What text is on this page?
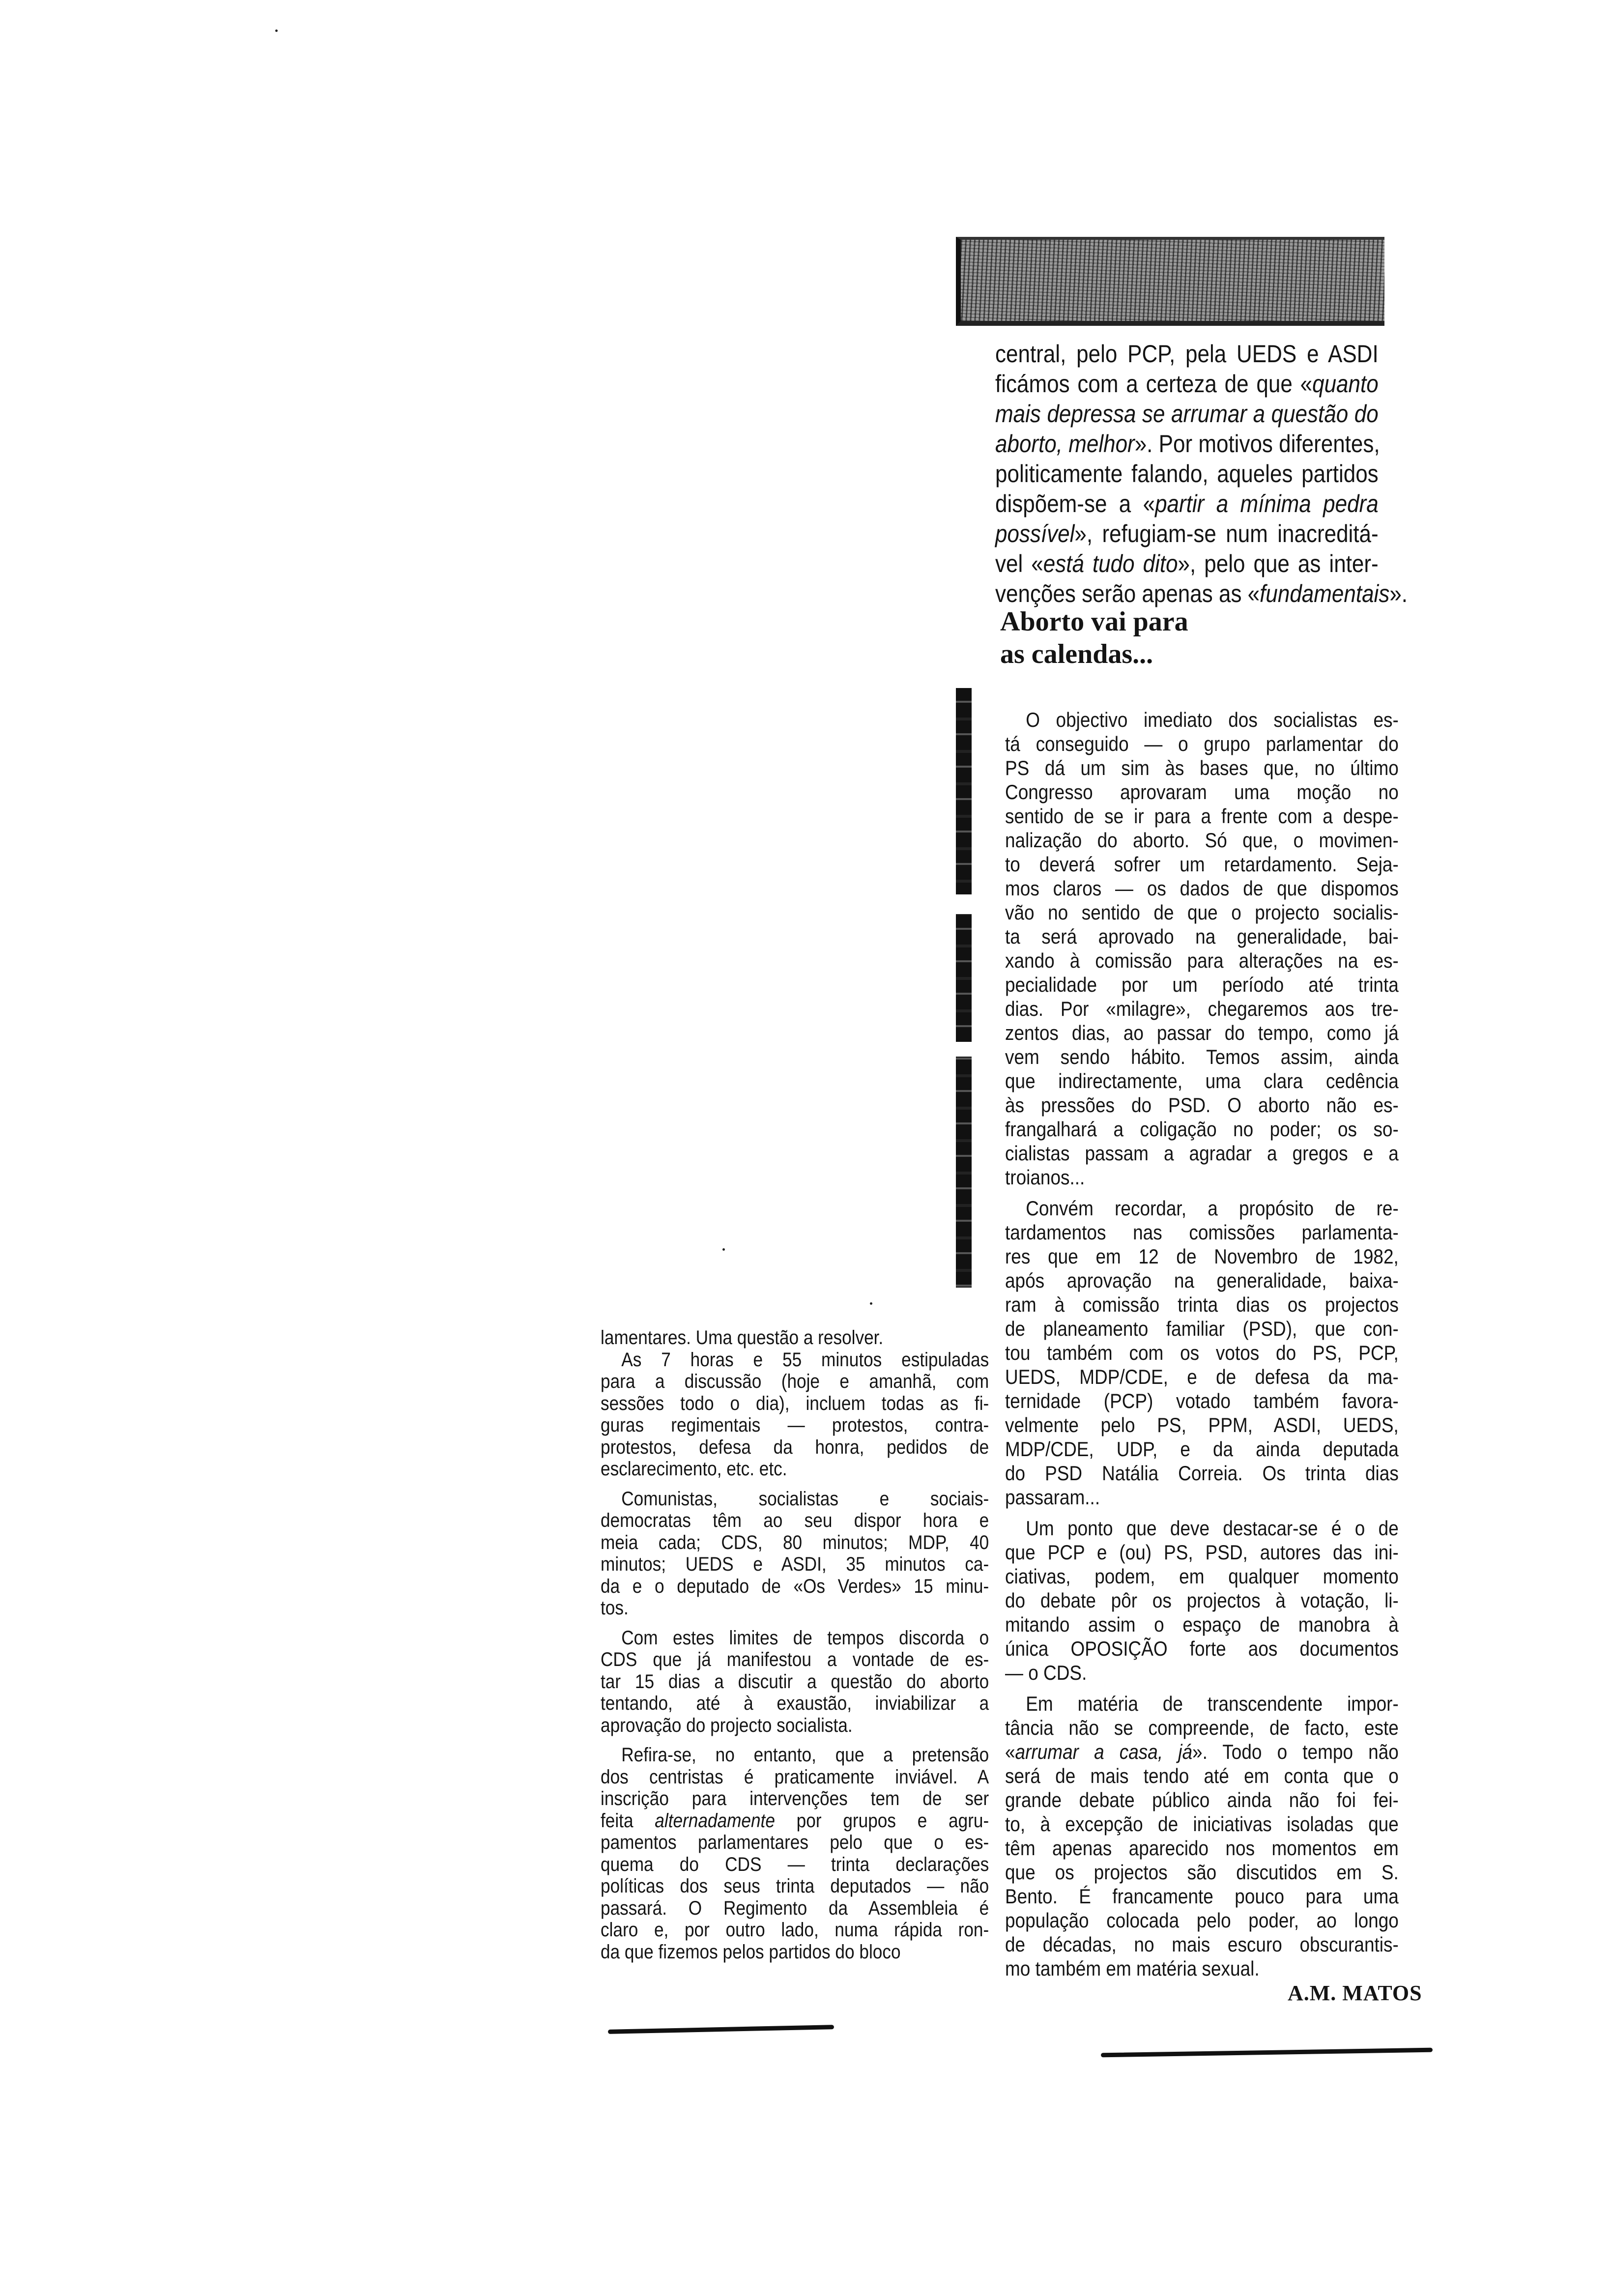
central, pelo PCP, pela UEDS e ASDI
ficámos com a certeza de que «quanto
mais depressa se arrumar a questão do
aborto, melhor». Por motivos diferentes,
politicamente falando, aqueles partidos
dispõem-se a «partir a mínima pedra
possível», refugiam-se num inacreditá-
vel «está tudo dito», pelo que as inter-
venções serão apenas as «fundamentais».
Aborto vai para
as calendas...
O objectivo imediato dos socialistas es-
tá conseguido — o grupo parlamentar do
PS dá um sim às bases que, no último
Congresso aprovaram uma moção no
sentido de se ir para a frente com a despe-
nalização do aborto. Só que, o movimen-
to deverá sofrer um retardamento. Seja-
mos claros — os dados de que dispomos
vão no sentido de que o projecto socialis-
ta será aprovado na generalidade, bai-
xando à comissão para alterações na es-
pecialidade por um período até trinta
dias. Por «milagre», chegaremos aos tre-
zentos dias, ao passar do tempo, como já
vem sendo hábito. Temos assim, ainda
que indirectamente, uma clara cedência
às pressões do PSD. O aborto não es-
frangalhará a coligação no poder; os so-
cialistas passam a agradar a gregos e a
troianos...
Convém recordar, a propósito de re-
tardamentos nas comissões parlamenta-
res que em 12 de Novembro de 1982,
após aprovação na generalidade, baixa-
ram à comissão trinta dias os projectos
de planeamento familiar (PSD), que con-
tou também com os votos do PS, PCP,
UEDS, MDP/CDE, e de defesa da ma-
ternidade (PCP) votado também favora-
velmente pelo PS, PPM, ASDI, UEDS,
MDP/CDE, UDP, e da ainda deputada
do PSD Natália Correia. Os trinta dias
passaram...
Um ponto que deve destacar-se é o de
que PCP e (ou) PS, PSD, autores das ini-
ciativas, podem, em qualquer momento
do debate pôr os projectos à votação, li-
mitando assim o espaço de manobra à
única OPOSIÇÃO forte aos documentos
— o CDS.
Em matéria de transcendente impor-
tância não se compreende, de facto, este
«arrumar a casa, já». Todo o tempo não
será de mais tendo até em conta que o
grande debate público ainda não foi fei-
to, à excepção de iniciativas isoladas que
têm apenas aparecido nos momentos em
que os projectos são discutidos em S.
Bento. É francamente pouco para uma
população colocada pelo poder, ao longo
de décadas, no mais escuro obscurantis-
mo também em matéria sexual.
lamentares. Uma questão a resolver.
As 7 horas e 55 minutos estipuladas
para a discussão (hoje e amanhã, com
sessões todo o dia), incluem todas as fi-
guras regimentais — protestos, contra-
protestos, defesa da honra, pedidos de
esclarecimento, etc. etc.
Comunistas, socialistas e sociais-
democratas têm ao seu dispor hora e
meia cada; CDS, 80 minutos; MDP, 40
minutos; UEDS e ASDI, 35 minutos ca-
da e o deputado de «Os Verdes» 15 minu-
tos.
Com estes limites de tempos discorda o
CDS que já manifestou a vontade de es-
tar 15 dias a discutir a questão do aborto
tentando, até à exaustão, inviabilizar a
aprovação do projecto socialista.
Refira-se, no entanto, que a pretensão
dos centristas é praticamente inviável. A
inscrição para intervenções tem de ser
feita alternadamente por grupos e agru-
pamentos parlamentares pelo que o es-
quema do CDS — trinta declarações
políticas dos seus trinta deputados — não
passará. O Regimento da Assembleia é
claro e, por outro lado, numa rápida ron-
da que fizemos pelos partidos do bloco
A.M. MATOS
